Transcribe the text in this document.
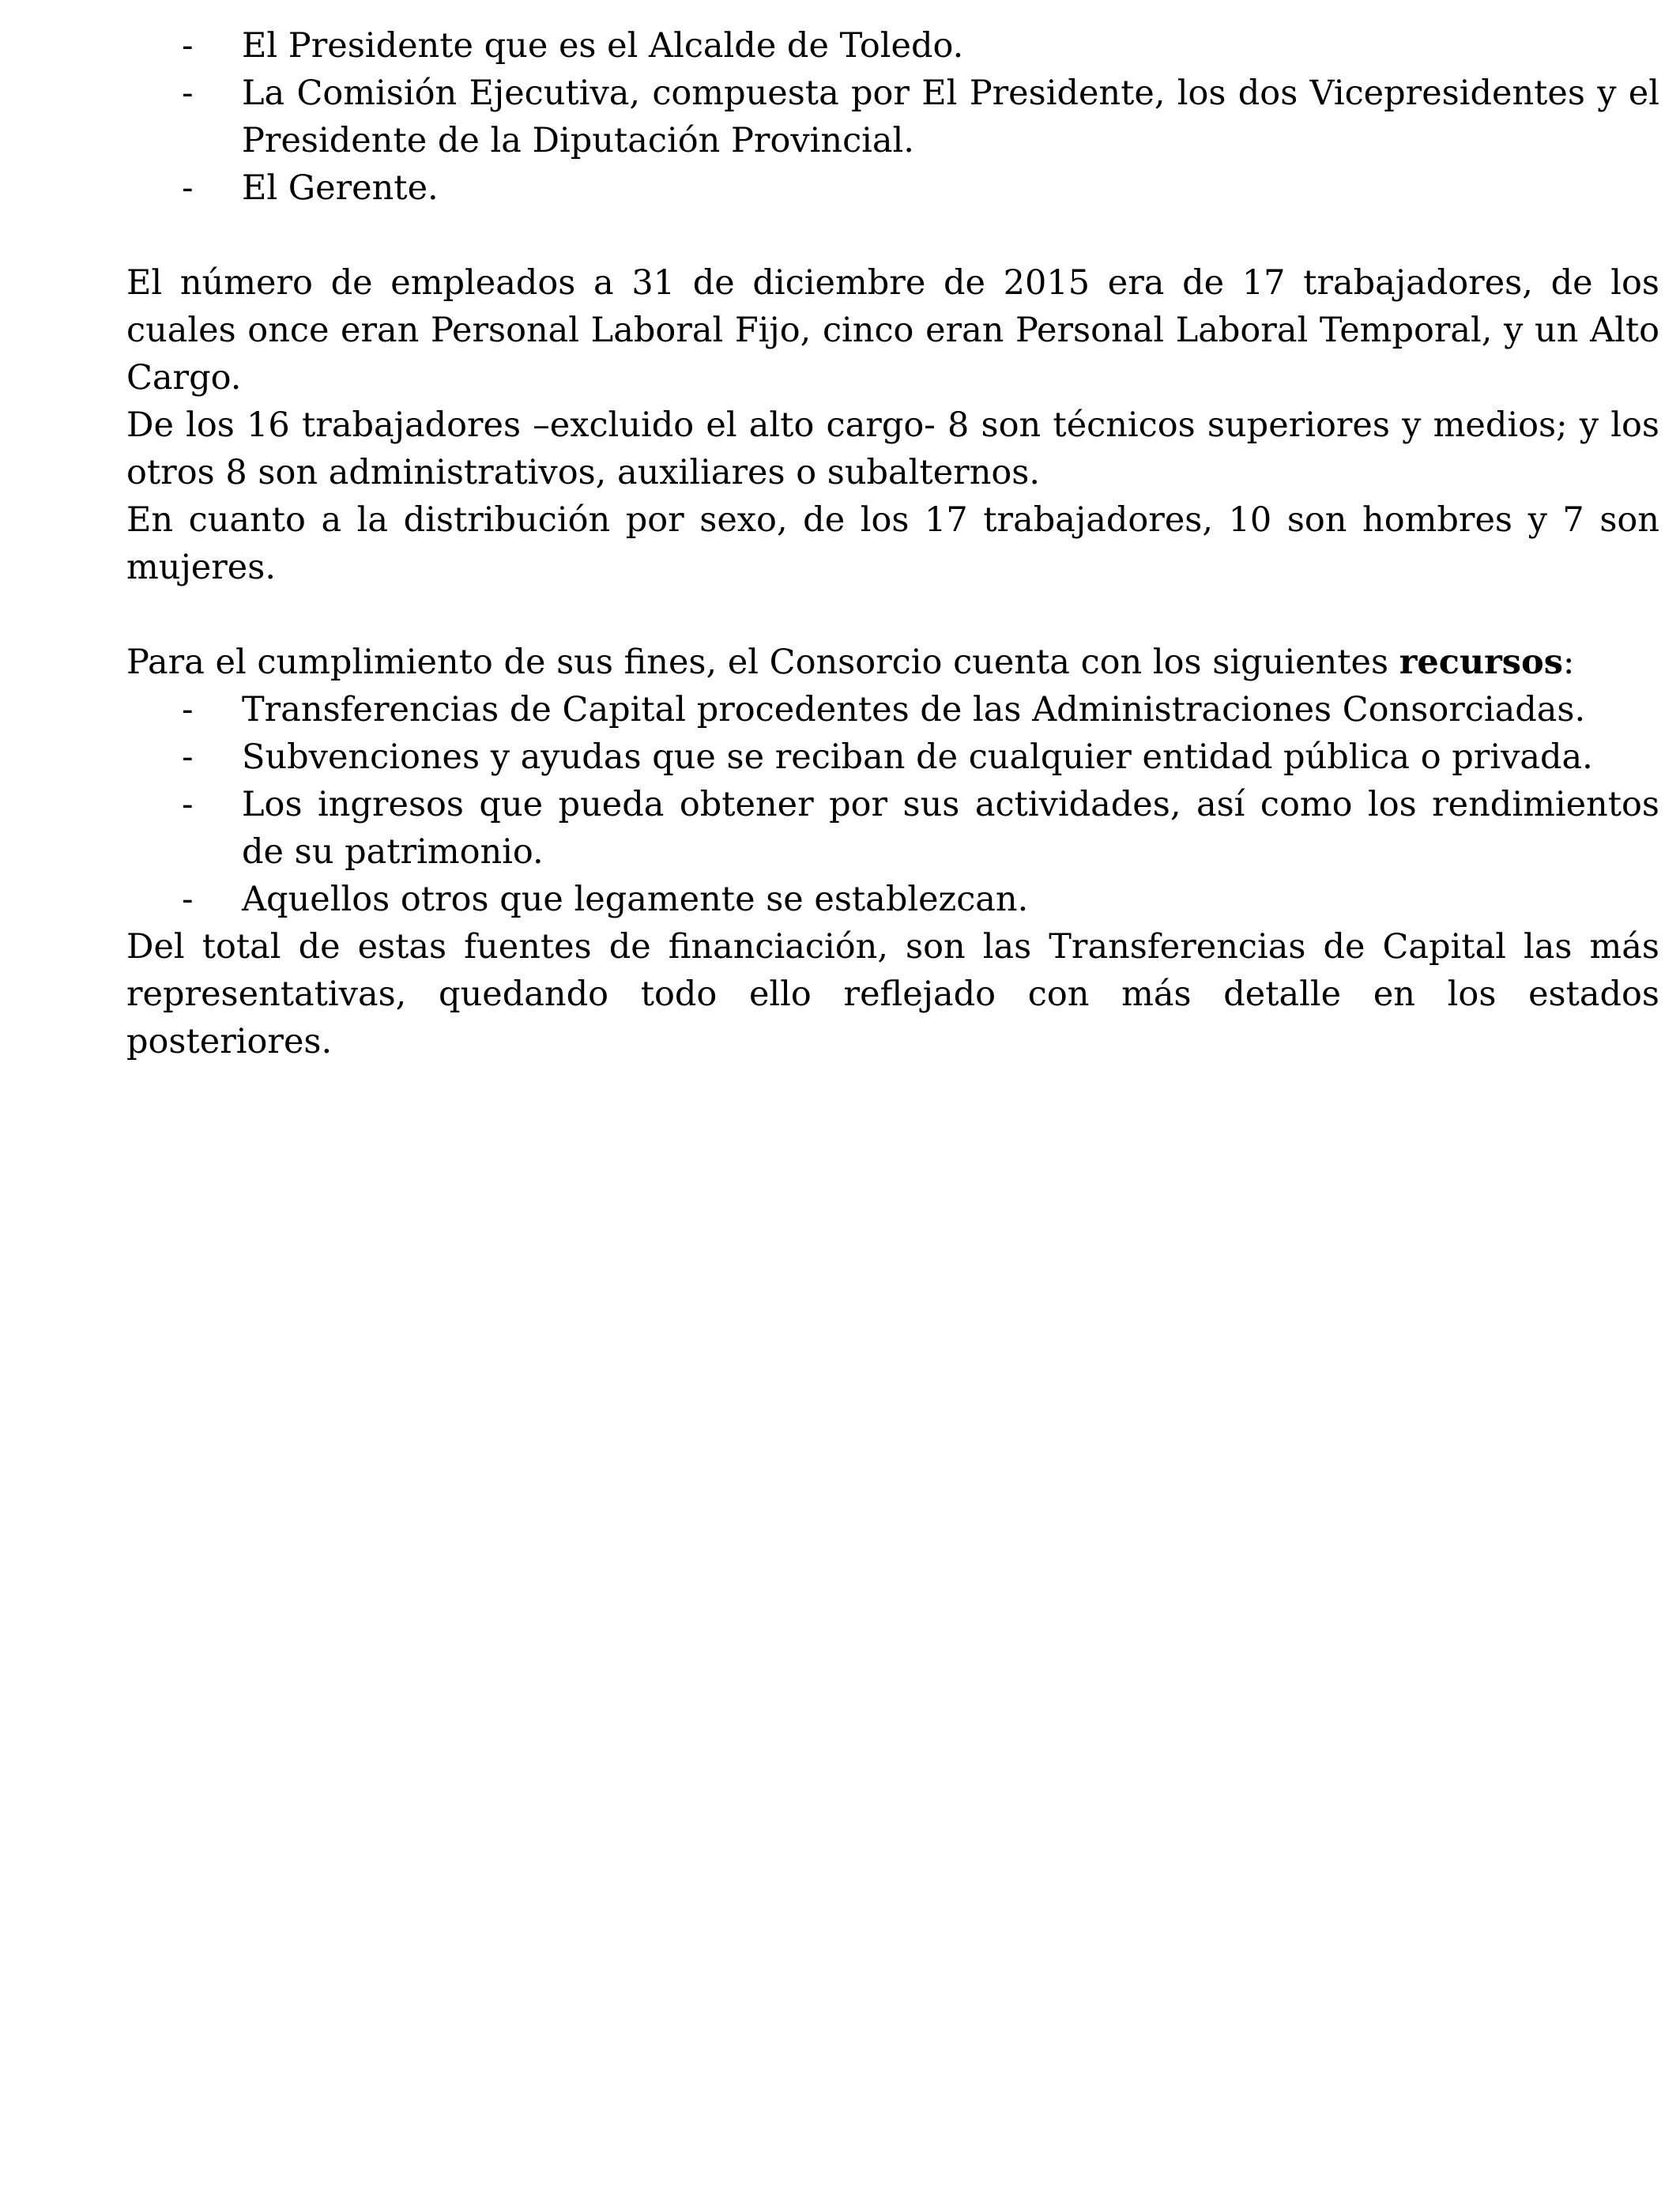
- El Presidente que es el Alcalde de Toledo.
- La Comisión Ejecutiva, compuesta por El Presidente, los dos Vicepresidentes y el Presidente de la Diputación Provincial.
- El Gerente.

El número de empleados a 31 de diciembre de 2015 era de 17 trabajadores, de los cuales once eran Personal Laboral Fijo, cinco eran Personal Laboral Temporal, y un Alto Cargo.

De los 16 trabajadores –excluido el alto cargo- 8 son técnicos superiores y medios; y los otros 8 son administrativos, auxiliares o subalternos.

En cuanto a la distribución por sexo, de los 17 trabajadores, 10 son hombres y 7 son mujeres.

Para el cumplimiento de sus fines, el Consorcio cuenta con los siguientes recursos:

- Transferencias de Capital procedentes de las Administraciones Consorciadas.
- Subvenciones y ayudas que se reciban de cualquier entidad pública o privada.
- Los ingresos que pueda obtener por sus actividades, así como los rendimientos de su patrimonio.
- Aquellos otros que legamente se establezcan.

Del total de estas fuentes de financiación, son las Transferencias de Capital las más representativas, quedando todo ello reflejado con más detalle en los estados posteriores.
